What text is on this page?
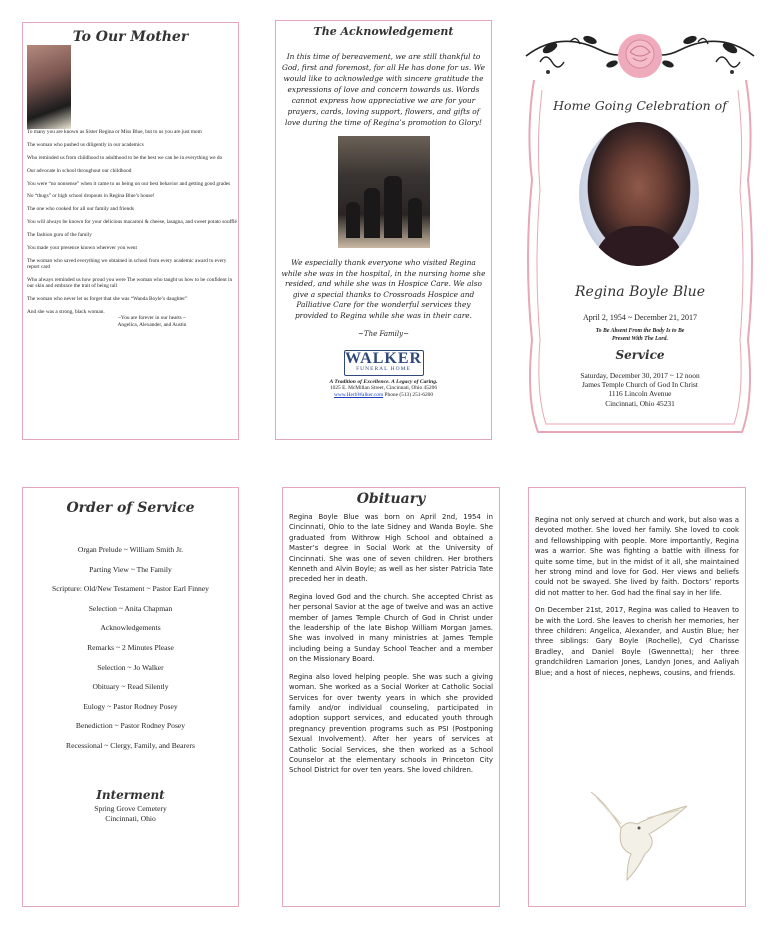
To Our Mother
To many you are known as Sister Regina or Miss Blue, but to us you are just mom
The woman who pushed us diligently in our academics
Who reminded us from childhood to adulthood to be the best we can be in everything we do
Our advocate in school throughout our childhood
You were “no nonsense” when it came to us being on our best behavior and getting good grades
No “thugs” or high school dropouts in Regina Blue’s house!
The one who cooked for all our family and friends
You will always be known for your delicious macaroni & cheese, lasagna, and sweet potato soufflé
The fashion guru of the family
You made your presence known wherever you went
The woman who saved everything we obtained in school from every academic award to every report card
Who always reminded us how proud you were The woman who taught us how to be confident in our skin and embrace the trait of being tall
The woman who never let us forget that she was “Wanda Boyle’s daughter”
And she was a strong, black woman.
~You are forever in our hearts ~
Angelica, Alexander, and Austin
The Acknowledgement

In this time of bereavement, we are still thankful to God, first and foremost, for all He has done for us. We would like to acknowledge with sincere gratitude the expressions of love and concern towards us. Words cannot express how appreciative we are for your prayers, cards, loving support, flowers, and gifts of love during the time of Regina’s promotion to Glory!

We especially thank everyone who visited Regina while she was in the hospital, in the nursing home she resided, and while she was in Hospice Care. We also give a special thanks to Crossroads Hospice and Palliative Care for the wonderful services they provided to Regina while she was in their care.

~The Family~
WALKER
FUNERAL HOME
A Tradition of Excellence. A Legacy of Caring.
1025 E. McMillan Street, Cincinnati, Ohio 45206
www.HerbWalker.com Phone (513) 251-6200
Home Going Celebration of
Regina Boyle Blue
April 2, 1954 ~ December 21, 2017
To Be Absent From the Body Is to Be
Present With The Lord.
Service
Saturday, December 30, 2017 ~ 12 noon
James Temple Church of God In Christ
1116 Lincoln Avenue
Cincinnati, Ohio 45231
Order of Service
Organ Prelude ~ William Smith Jr.
Parting View ~ The Family
Scripture: Old/New Testament ~ Pastor Earl Finney
Selection ~ Anita Chapman
Acknowledgements
Remarks ~ 2 Minutes Please
Selection ~ Jo Walker
Obituary ~ Read Silently
Eulogy ~ Pastor Rodney Posey
Benediction ~ Pastor Rodney Posey
Recessional ~ Clergy, Family, and Bearers
Interment
Spring Grove Cemetery
Cincinnati, Ohio
Obituary

Regina Boyle Blue was born on April 2nd, 1954 in Cincinnati, Ohio to the late Sidney and Wanda Boyle. She graduated from Withrow High School and obtained a Master’s degree in Social Work at the University of Cincinnati. She was one of seven children. Her brothers Kenneth and Alvin Boyle; as well as her sister Patricia Tate preceded her in death.

Regina loved God and the church. She accepted Christ as her personal Savior at the age of twelve and was an active member of James Temple Church of God in Christ under the leadership of the late Bishop William Morgan James. She was involved in many ministries at James Temple including being a Sunday School Teacher and a member on the Missionary Board.

Regina also loved helping people. She was such a giving woman. She worked as a Social Worker at Catholic Social Services for over twenty years in which she provided family and/or individual counseling, participated in adoption support services, and educated youth through pregnancy prevention programs such as PSI (Postponing Sexual Involvement). After her years of services at Catholic Social Services, she then worked as a School Counselor at the elementary schools in Princeton City School District for over ten years. She loved children.

Regina not only served at church and work, but also was a devoted mother. She loved her family. She loved to cook and fellowshipping with people. More importantly, Regina was a warrior. She was fighting a battle with illness for quite some time, but in the midst of it all, she maintained her strong mind and love for God. Her views and beliefs could not be swayed. She lived by faith. Doctors’ reports did not matter to her. God had the final say in her life.

On December 21st, 2017, Regina was called to Heaven to be with the Lord. She leaves to cherish her memories, her three children: Angelica, Alexander, and Austin Blue; her three siblings: Gary Boyle (Rochelle), Cyd Charisse Bradley, and Daniel Boyle (Gwennetta); her three grandchildren Lamarion Jones, Landyn Jones, and Aaliyah Blue; and a host of nieces, nephews, cousins, and friends.
